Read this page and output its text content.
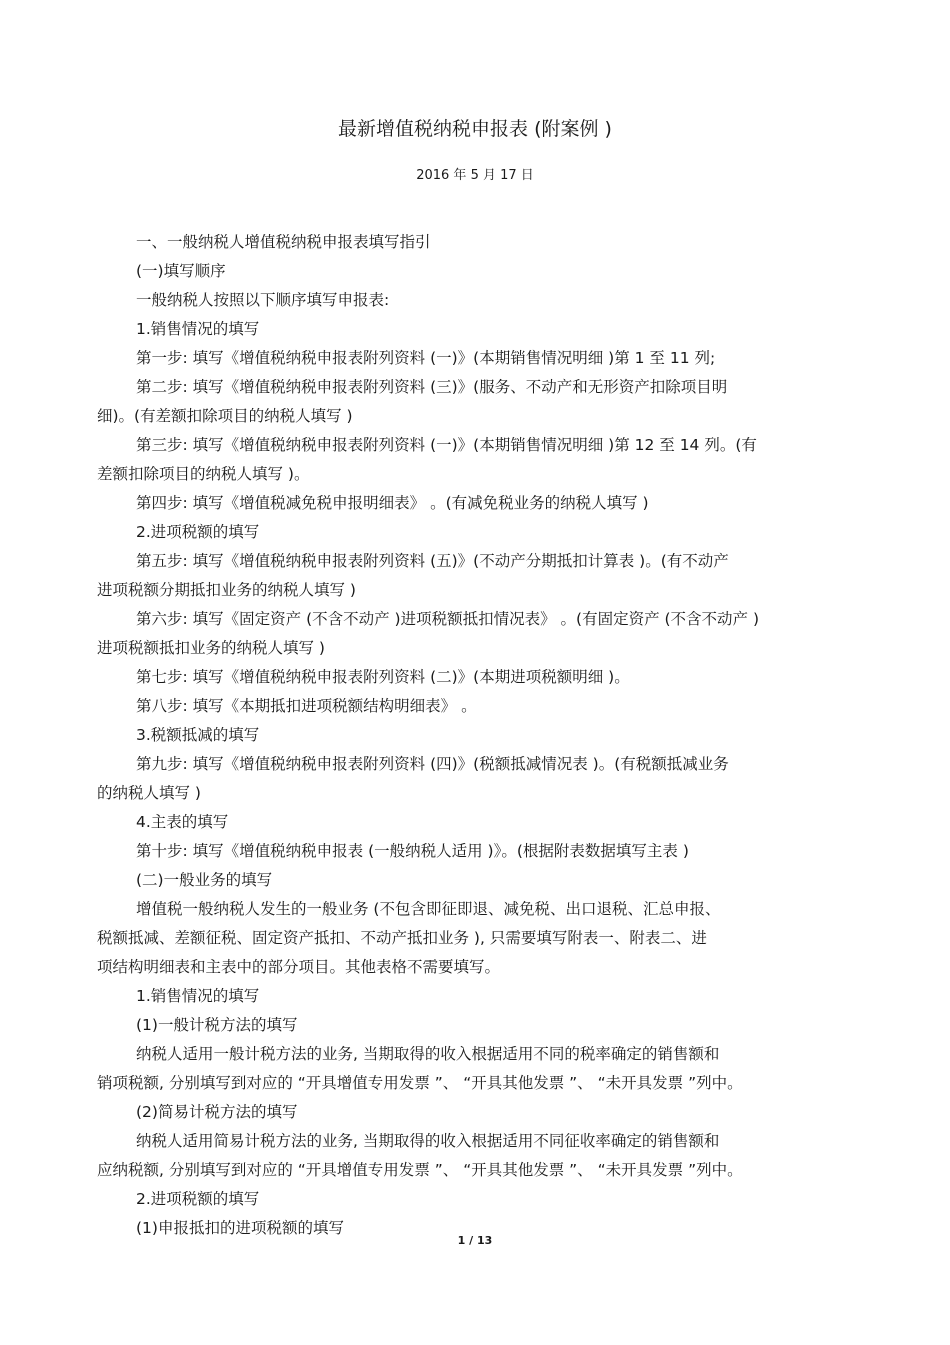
最新增值税纳税申报表 (附案例 )
2016 年 5 月 17 日
一、一般纳税人增值税纳税申报表填写指引
(一)填写顺序
一般纳税人按照以下顺序填写申报表:
1.销售情况的填写
第一步: 填写《增值税纳税申报表附列资料 (一)》(本期销售情况明细 )第 1 至 11 列;
第二步: 填写《增值税纳税申报表附列资料 (三)》(服务、不动产和无形资产扣除项目明
细)。(有差额扣除项目的纳税人填写 )
第三步: 填写《增值税纳税申报表附列资料 (一)》(本期销售情况明细 )第 12 至 14 列。(有
差额扣除项目的纳税人填写 )。
第四步: 填写《增值税减免税申报明细表》 。(有减免税业务的纳税人填写 )
2.进项税额的填写
第五步: 填写《增值税纳税申报表附列资料 (五)》(不动产分期抵扣计算表 )。(有不动产
进项税额分期抵扣业务的纳税人填写 )
第六步: 填写《固定资产 (不含不动产 )进项税额抵扣情况表》 。(有固定资产 (不含不动产 )
进项税额抵扣业务的纳税人填写 )
第七步: 填写《增值税纳税申报表附列资料 (二)》(本期进项税额明细 )。
第八步: 填写《本期抵扣进项税额结构明细表》 。
3.税额抵减的填写
第九步: 填写《增值税纳税申报表附列资料 (四)》(税额抵减情况表 )。(有税额抵减业务
的纳税人填写 )
4.主表的填写
第十步: 填写《增值税纳税申报表 (一般纳税人适用 )》。(根据附表数据填写主表 )
(二)一般业务的填写
增值税一般纳税人发生的一般业务 (不包含即征即退、减免税、出口退税、汇总申报、
税额抵减、差额征税、固定资产抵扣、不动产抵扣业务 ), 只需要填写附表一、附表二、进
项结构明细表和主表中的部分项目。其他表格不需要填写。
1.销售情况的填写
(1)一般计税方法的填写
纳税人适用一般计税方法的业务, 当期取得的收入根据适用不同的税率确定的销售额和
销项税额, 分别填写到对应的 “开具增值专用发票 ”、 “开具其他发票 ”、 “未开具发票 ”列中。
(2)简易计税方法的填写
纳税人适用简易计税方法的业务, 当期取得的收入根据适用不同征收率确定的销售额和
应纳税额, 分别填写到对应的 “开具增值专用发票 ”、 “开具其他发票 ”、 “未开具发票 ”列中。
2.进项税额的填写
(1)申报抵扣的进项税额的填写
1 / 13
